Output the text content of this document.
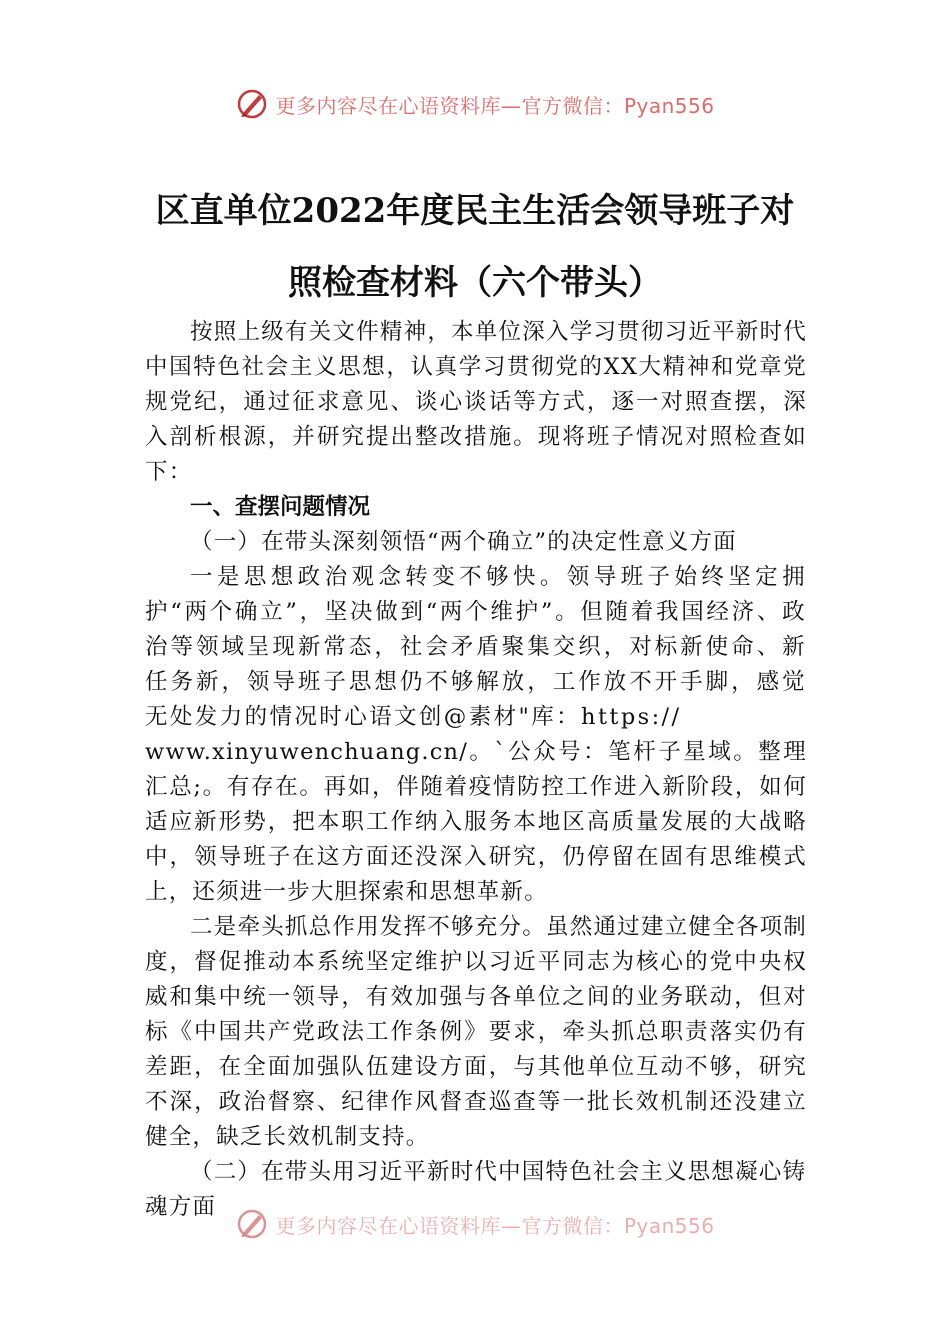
更多内容尽在心语资料库—官方微信：Pyan556
区直单位2022年度民主生活会领导班子对
照检查材料（六个带头）

按照上级有关文件精神，本单位深入学习贯彻习近平新时代中国特色社会主义思想，认真学习贯彻党的XX大精神和党章党规党纪，通过征求意见、谈心谈话等方式，逐一对照查摆，深入剖析根源，并研究提出整改措施。现将班子情况对照检查如下：

一、查摆问题情况

（一）在带头深刻领悟“两个确立”的决定性意义方面

一是思想政治观念转变不够快。领导班子始终坚定拥护“两个确立”，坚决做到“两个维护”。但随着我国经济、政治等领域呈现新常态，社会矛盾聚集交织，对标新使命、新任务新，领导班子思想仍不够解放，工作放不开手脚，感觉无处发力的情况时心语文创@素材"库：https://

www.xinyuwenchuang.cn/。`公众号：笔杆子星域。整理汇总;。有存在。再如，伴随着疫情防控工作进入新阶段，如何适应新形势，把本职工作纳入服务本地区高质量发展的大战略中，领导班子在这方面还没深入研究，仍停留在固有思维模式上，还须进一步大胆探索和思想革新。

二是牵头抓总作用发挥不够充分。虽然通过建立健全各项制度，督促推动本系统坚定维护以习近平同志为核心的党中央权威和集中统一领导，有效加强与各单位之间的业务联动，但对标《中国共产党政法工作条例》要求，牵头抓总职责落实仍有差距，在全面加强队伍建设方面，与其他单位互动不够，研究不深，政治督察、纪律作风督查巡查等一批长效机制还没建立健全，缺乏长效机制支持。

（二）在带头用习近平新时代中国特色社会主义思想凝心铸魂方面

更多内容尽在心语资料库—官方微信：Pyan556
